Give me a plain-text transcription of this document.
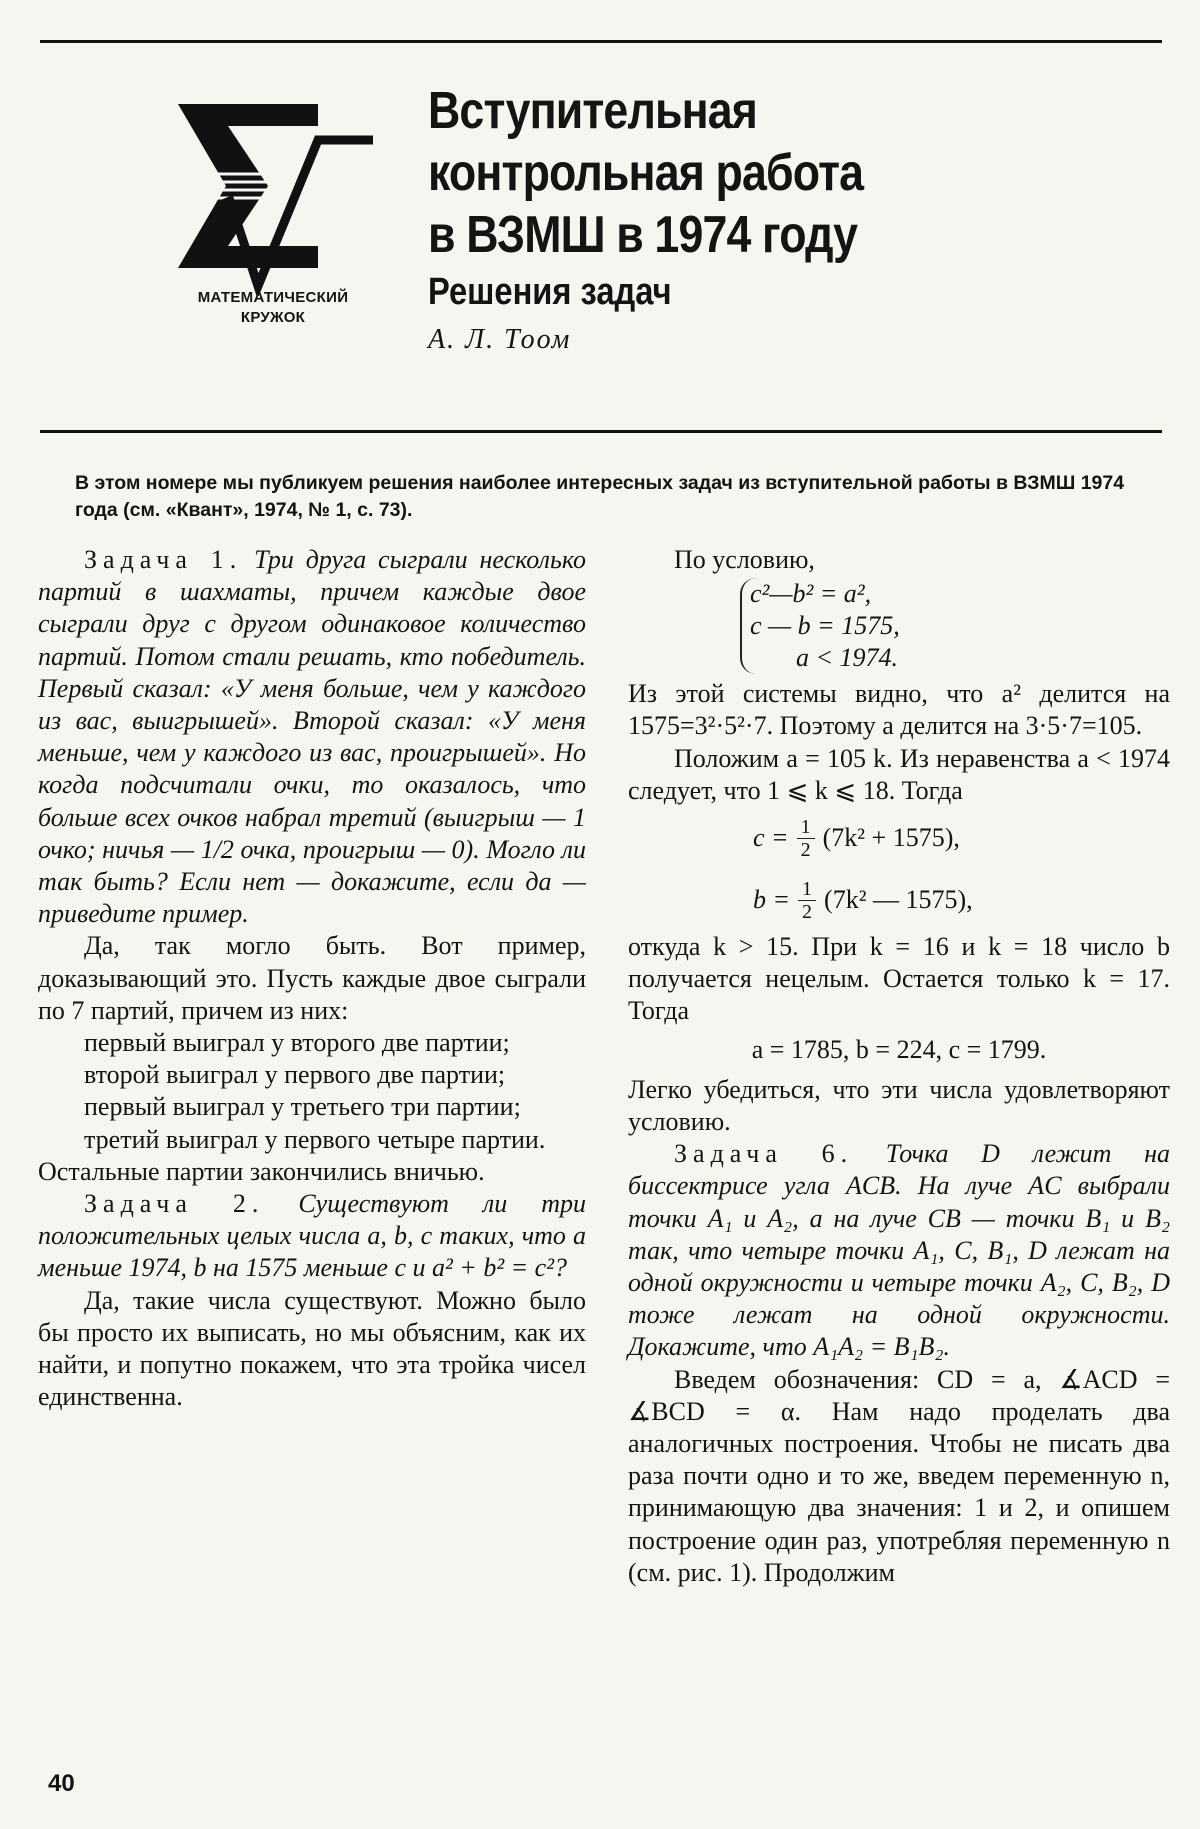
МАТЕМАТИЧЕСКИЙ
КРУЖОК
Вступительная
контрольная работа
в ВЗМШ в 1974 году
Решения задач
А. Л. Тоом
В этом номере мы публикуем решения наиболее интересных задач из вступительной работы в ВЗМШ 1974 года (см. «Квант», 1974, № 1, с. 73).

Задача 1. Три друга сыграли несколько партий в шахматы, причем каждые двое сыграли друг с другом одинаковое количество партий. Потом стали решать, кто победитель. Первый сказал: «У меня больше, чем у каждого из вас, выигрышей». Второй сказал: «У меня меньше, чем у каждого из вас, проигрышей». Но когда подсчитали очки, то оказалось, что больше всех очков набрал третий (выигрыш — 1 очко; ничья — 1/2 очка, проигрыш — 0). Могло ли так быть? Если нет — докажите, если да — приведите пример.

Да, так могло быть. Вот пример, доказывающий это. Пусть каждые двое сыграли по 7 партий, причем из них:

первый выиграл у второго две партии;

второй выиграл у первого две партии;

первый выиграл у третьего три партии;

третий выиграл у первого четыре партии.

Остальные партии закончились вничью.

Задача 2. Существуют ли три положительных целых числа a, b, c таких, что a меньше 1974, b на 1575 меньше c и a² + b² = c²?

Да, такие числа существуют. Можно было бы просто их выписать, но мы объясним, как их найти, и попутно покажем, что эта тройка чисел единственна.

По условию,

c²—b² = a²,
c — b = 1575,
a < 1974.

Из этой системы видно, что a² делится на 1575=3²·5²·7. Поэтому a делится на 3·5·7=105.

Положим a = 105 k. Из неравенства a < 1974 следует, что 1 ⩽ k ⩽ 18. Тогда

$c = \frac{1}{2} (7k^2 + 1575)$,
$b = \frac{1}{2} (7k^2$ — 1575),

откуда k > 15. При k = 16 и k = 18 число b получается нецелым. Остается только k = 17. Тогда

a = 1785, b = 224, c = 1799.

Легко убедиться, что эти числа удовлетворяют условию.

Задача 6. Точка D лежит на биссектрисе угла ACB. На луче AC выбрали точки A₁ и A₂, а на луче CB — точки B₁ и B₂ так, что четыре точки A₁, C, B₁, D лежат на одной окружности и четыре точки A₂, C, B₂, D тоже лежат на одной окружности. Докажите, что A₁A₂ = B₁B₂.

Введем обозначения: CD = a, ∡ACD = ∡BCD = α. Нам надо проделать два аналогичных построения. Чтобы не писать два раза почти одно и то же, введем переменную n, принимающую два значения: 1 и 2, и опишем построение один раз, употребляя переменную n (см. рис. 1). Продолжим

40
